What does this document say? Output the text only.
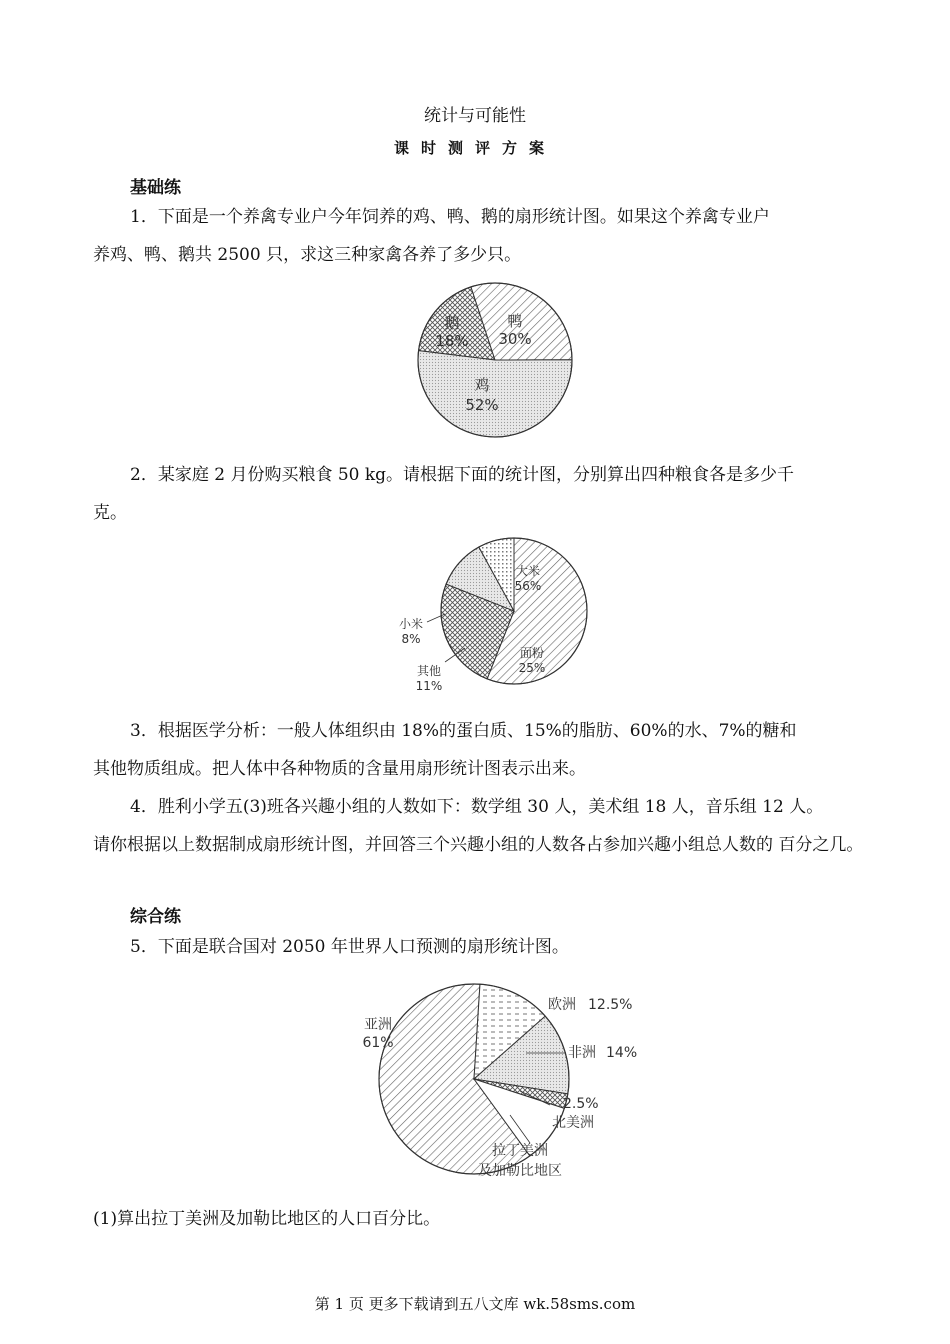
统计与可能性
课时测评方案
基础练
1．下面是一个养禽专业户今年饲养的鸡、鸭、鹅的扇形统计图。如果这个养禽专业户
养鸡、鸭、鹅共 2500 只，求这三种家禽各养了多少只。
鹅
18%
鸭
30%
鸡
52%
2．某家庭 2 月份购买粮食 50 kg。请根据下面的统计图，分别算出四种粮食各是多少千
克。
大米
56%
面粉
25%
其他
11%
小米
8%
3．根据医学分析：一般人体组织由 18%的蛋白质、15%的脂肪、60%的水、7%的糖和
其他物质组成。把人体中各种物质的含量用扇形统计图表示出来。
4．胜利小学五(3)班各兴趣小组的人数如下：数学组 30 人，美术组 18 人，音乐组 12 人。
请你根据以上数据制成扇形统计图，并回答三个兴趣小组的人数各占参加兴趣小组总人数的 百分之几。
综合练
5．下面是联合国对 2050 年世界人口预测的扇形统计图。
亚洲
61%
欧洲 12.5%
非洲 14%
北美洲
2.5%
拉丁美洲
及加勒比地区
(1)算出拉丁美洲及加勒比地区的人口百分比。
第 1 页 更多下载请到五八文库 wk.58sms.com
